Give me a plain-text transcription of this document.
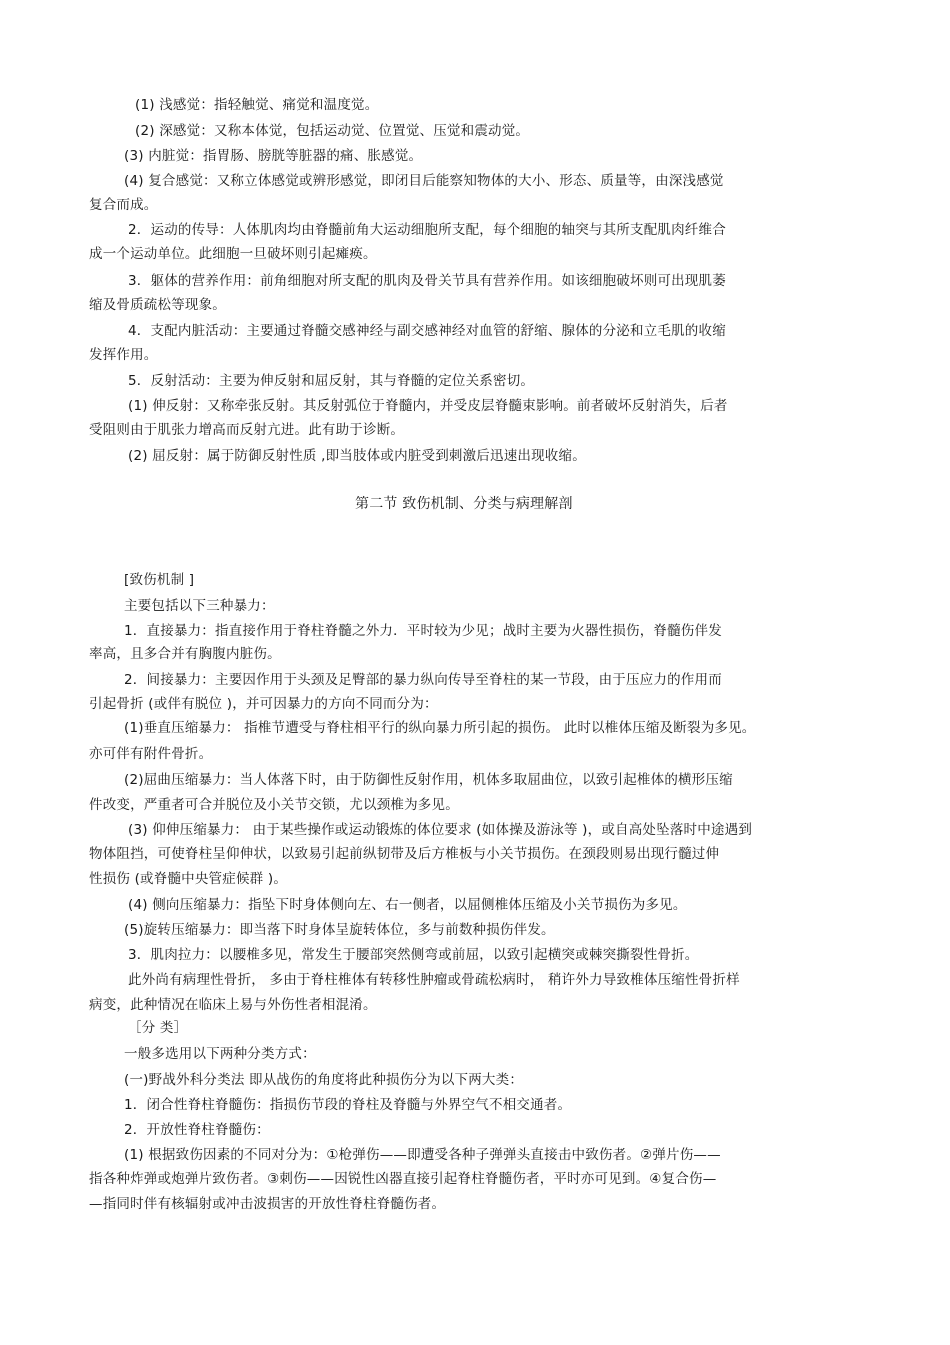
(1) 浅感觉：指轻触觉、痛觉和温度觉。
(2) 深感觉：又称本体觉，包括运动觉、位置觉、压觉和震动觉。
(3) 内脏觉：指胃肠、膀胱等脏器的痛、胀感觉。
(4) 复合感觉：又称立体感觉或辨形感觉，即闭目后能察知物体的大小、形态、质量等，由深浅感觉
复合而成。
2．运动的传导：人体肌肉均由脊髓前角大运动细胞所支配，每个细胞的轴突与其所支配肌肉纤维合
成一个运动单位。此细胞一旦破坏则引起瘫痪。
3．躯体的营养作用：前角细胞对所支配的肌肉及骨关节具有营养作用。如该细胞破坏则可出现肌萎
缩及骨质疏松等现象。
4．支配内脏活动：主要通过脊髓交感神经与副交感神经对血管的舒缩、腺体的分泌和立毛肌的收缩
发挥作用。
5．反射活动：主要为伸反射和屈反射，其与脊髓的定位关系密切。
(1) 伸反射：又称牵张反射。其反射弧位于脊髓内，并受皮层脊髓束影响。前者破坏反射消失，后者
受阻则由于肌张力增高而反射亢进。此有助于诊断。
(2) 屈反射：属于防御反射性质 ,即当肢体或内脏受到刺激后迅速出现收缩。
第二节 致伤机制、分类与病理解剖
[致伤机制 ]
主要包括以下三种暴力：
1．直接暴力：指直接作用于脊柱脊髓之外力．平时较为少见；战时主要为火器性损伤，脊髓伤伴发
率高，且多合并有胸腹内脏伤。
2．间接暴力：主要因作用于头颈及足臀部的暴力纵向传导至脊柱的某一节段，由于压应力的作用而
引起骨折 (或伴有脱位 )，并可因暴力的方向不同而分为：
(1)垂直压缩暴力： 指椎节遭受与脊柱相平行的纵向暴力所引起的损伤。 此时以椎体压缩及断裂为多见。
亦可伴有附件骨折。
(2)屈曲压缩暴力：当人体落下时，由于防御性反射作用，机体多取屈曲位，以致引起椎体的横形压缩
件改变，严重者可合并脱位及小关节交锁，尤以颈椎为多见。
(3) 仰伸压缩暴力： 由于某些操作或运动锻炼的体位要求 (如体操及游泳等 )，或自高处坠落时中途遇到
物体阻挡，可使脊柱呈仰伸状，以致易引起前纵韧带及后方椎板与小关节损伤。在颈段则易出现行髓过伸
性损伤 (或脊髓中央管症候群 )。
(4) 侧向压缩暴力：指坠下时身体侧向左、右一侧者，以屈侧椎体压缩及小关节损伤为多见。
(5)旋转压缩暴力：即当落下时身体呈旋转体位，多与前数种损伤伴发。
3．肌肉拉力：以腰椎多见，常发生于腰部突然侧弯或前屈，以致引起横突或棘突撕裂性骨折。
此外尚有病理性骨折， 多由于脊柱椎体有转移性肿瘤或骨疏松病时， 稍许外力导致椎体压缩性骨折样
病变，此种情况在临床上易与外伤性者相混淆。
［分 类］
一般多选用以下两种分类方式：
(一)野战外科分类法 即从战伤的角度将此种损伤分为以下两大类：
1．闭合性脊柱脊髓伤：指损伤节段的脊柱及脊髓与外界空气不相交通者。
2．开放性脊柱脊髓伤：
(1) 根据致伤因素的不同对分为：①枪弹伤——即遭受各种子弹弹头直接击中致伤者。②弹片伤——
指各种炸弹或炮弹片致伤者。③刺伤——因锐性凶器直接引起脊柱脊髓伤者，平时亦可见到。④复合伤—
—指同时伴有核辐射或冲击波损害的开放性脊柱脊髓伤者。
